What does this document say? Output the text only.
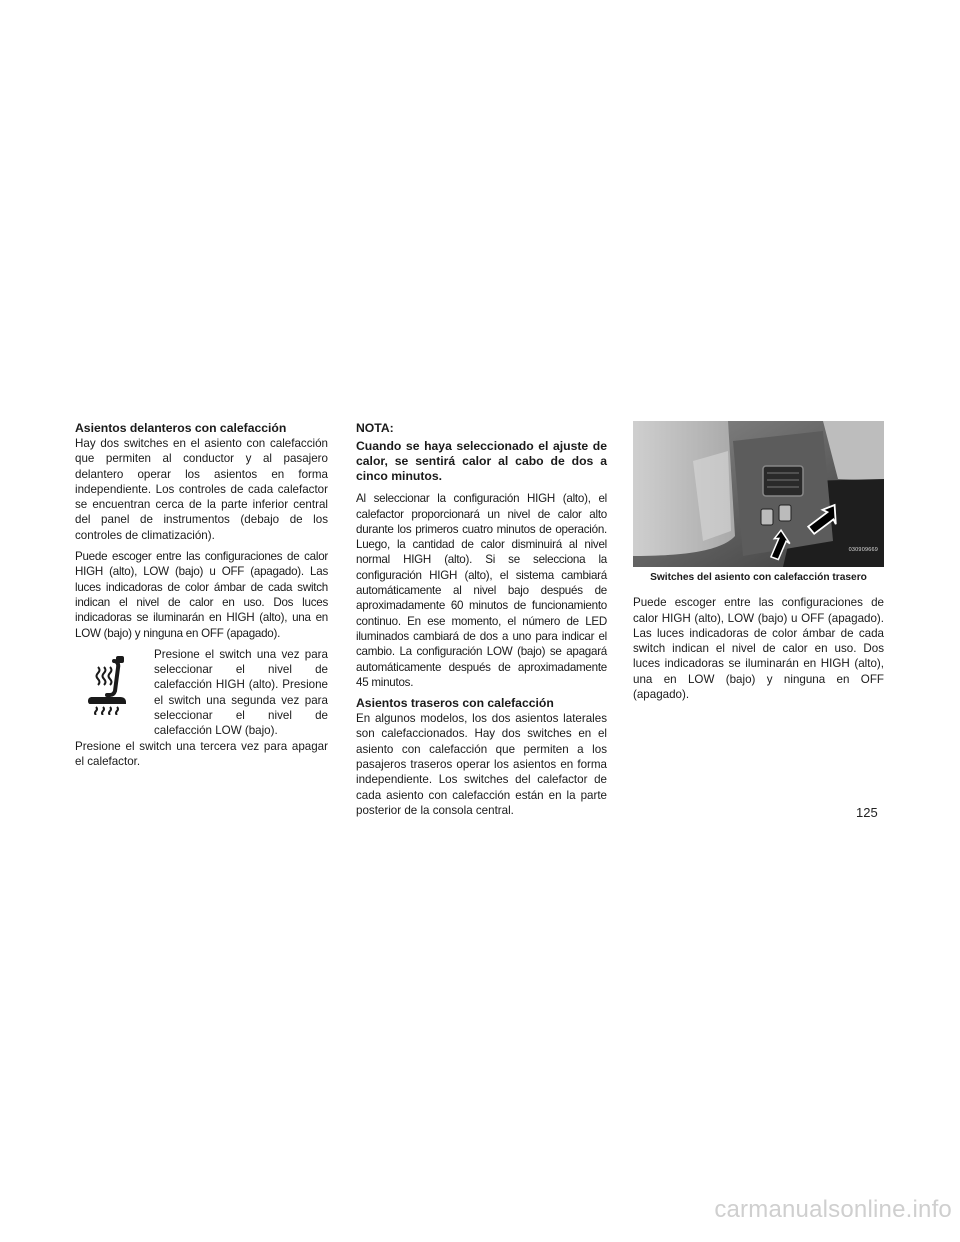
Asientos delanteros con calefacción

Hay dos switches en el asiento con calefacción que permiten al conductor y al pasajero delantero operar los asientos en forma independiente. Los controles de cada calefactor se encuentran cerca de la parte inferior central del panel de instrumentos (debajo de los controles de climatización).

Puede escoger entre las configuraciones de calor HIGH (alto), LOW (bajo) u OFF (apagado). Las luces indicadoras de color ámbar de cada switch indican el nivel de calor en uso. Dos luces indicadoras se iluminarán en HIGH (alto), una en LOW (bajo) y ninguna en OFF (apagado).

Presione el switch una vez para seleccionar el nivel de calefacción HIGH (alto). Presione el switch una segunda vez para seleccionar el nivel de calefacción LOW (bajo).

Presione el switch una tercera vez para apagar el calefactor.

NOTA:

Cuando se haya seleccionado el ajuste de calor, se sentirá calor al cabo de dos a cinco minutos.

Al seleccionar la configuración HIGH (alto), el calefactor proporcionará un nivel de calor alto durante los primeros cuatro minutos de operación. Luego, la cantidad de calor disminuirá al nivel normal HIGH (alto). Si se selecciona la configuración HIGH (alto), el sistema cambiará automáticamente al nivel bajo después de aproximadamente 60 minutos de funcionamiento continuo. En ese momento, el número de LED iluminados cambiará de dos a uno para indicar el cambio. La configuración LOW (bajo) se apagará automáticamente después de aproximadamente 45 minutos.

Asientos traseros con calefacción

En algunos modelos, los dos asientos laterales son calefaccionados. Hay dos switches en el asiento con calefacción que permiten a los pasajeros traseros operar los asientos en forma independiente. Los switches del calefactor de cada asiento con calefacción están en la parte posterior de la consola central.

030909669

Switches del asiento con calefacción trasero

Puede escoger entre las configuraciones de calor HIGH (alto), LOW (bajo) u OFF (apagado). Las luces indicadoras de color ámbar de cada switch indican el nivel de calor en uso. Dos luces indicadoras se iluminarán en HIGH (alto), una en LOW (bajo) y ninguna en OFF (apagado).

125
carmanualsonline.info
